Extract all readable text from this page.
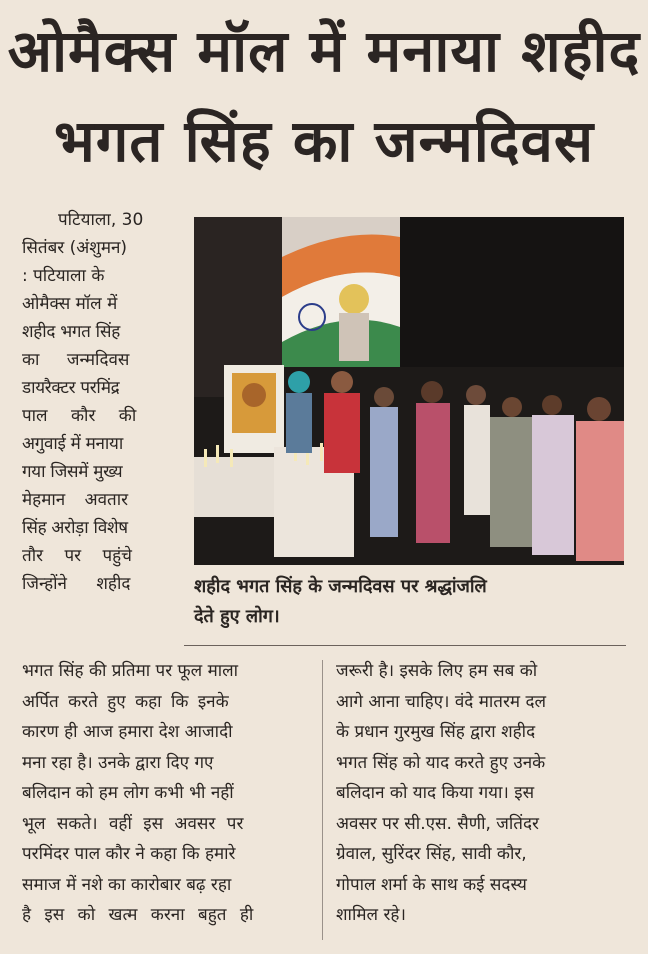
ओमैक्स मॉल में मनाया शहीद
भगत सिंह का जन्मदिवस
पटियाला, 30
सितंबर (अंशुमन)
: पटियाला के
ओमैक्स मॉल में
शहीद भगत सिंह
का जन्मदिवस
डायरैक्टर परमिंद्र
पाल कौर की
अगुवाई में मनाया
गया जिसमें मुख्य
मेहमान अवतार
सिंह अरोड़ा विशेष
तौर पर पहुंचे
जिन्होंने शहीद	शहीद भगत सिंह के जन्मदिवस पर श्रद्धांजलि
देते हुए लोग।
भगत सिंह की प्रतिमा पर फूल माला
अर्पित करते हुए कहा कि इनके
कारण ही आज हमारा देश आजादी
मना रहा है। उनके द्वारा दिए गए
बलिदान को हम लोग कभी भी नहीं
भूल सकते। वहीं इस अवसर पर
परमिंदर पाल कौर ने कहा कि हमारे
समाज में नशे का कारोबार बढ़ रहा
है इस को खत्म करना बहुत ही
जरूरी है। इसके लिए हम सब को
आगे आना चाहिए। वंदे मातरम दल
के प्रधान गुरमुख सिंह द्वारा शहीद
भगत सिंह को याद करते हुए उनके
बलिदान को याद किया गया। इस
अवसर पर सी.एस. सैणी, जतिंदर
ग्रेवाल, सुरिंदर सिंह, सावी कौर,
गोपाल शर्मा के साथ कई सदस्य
शामिल रहे।
